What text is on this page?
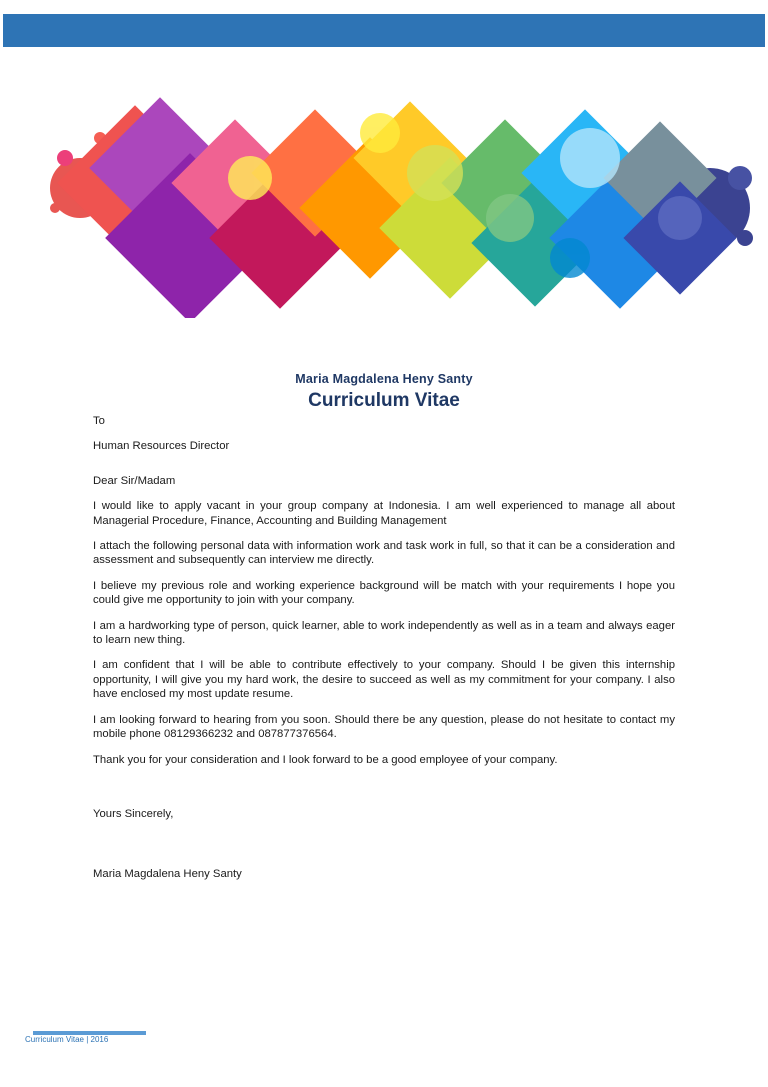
Maria Magdalena Heny Santy
Curriculum Vitae

To

Human Resources Director

Dear Sir/Madam

I would like to apply vacant in your group company at Indonesia. I am well experienced to manage all about Managerial Procedure, Finance, Accounting and Building Management

I attach the following personal data with information work and task work in full, so that it can be a consideration and assessment and subsequently can interview me directly.

I believe my previous role and working experience background will be match with your requirements I hope you could give me opportunity to join with your company.

I am a hardworking type of person, quick learner, able to work independently as well as in a team and always eager to learn new thing.

I am confident that I will be able to contribute effectively to your company. Should I be given this internship opportunity, I will give you my hard work, the desire to succeed as well as my commitment for your company. I also have enclosed my most update resume.

I am looking forward to hearing from you soon. Should there be any question, please do not hesitate to contact my mobile phone 08129366232 and 087877376564.

Thank you for your consideration and I look forward to be a good employee of your company.

Yours Sincerely,

Maria Magdalena Heny Santy

Curriculum Vitae | 2016
